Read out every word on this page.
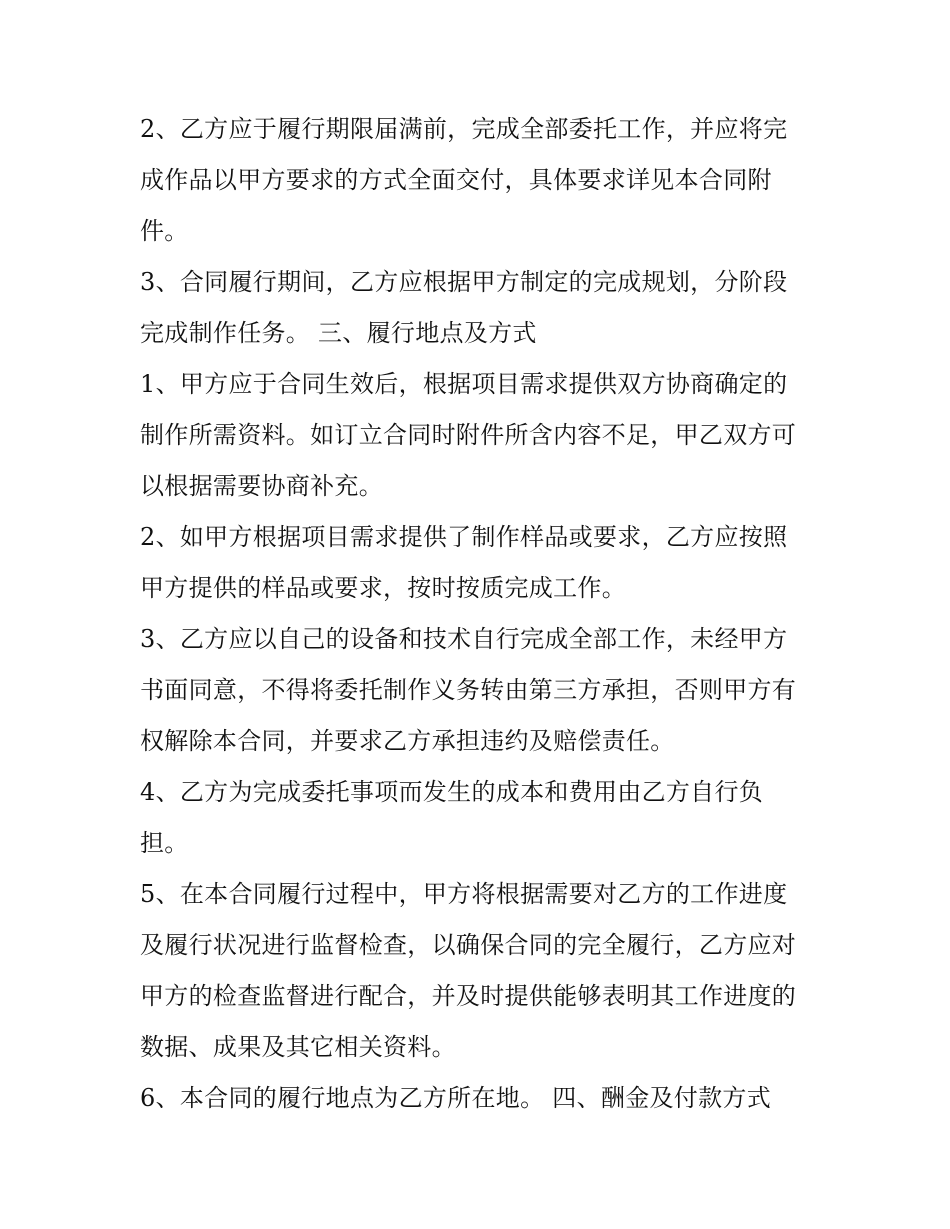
2、乙方应于履行期限届满前，完成全部委托工作，并应将完
成作品以甲方要求的方式全面交付，具体要求详见本合同附
件。
3、合同履行期间，乙方应根据甲方制定的完成规划，分阶段
完成制作任务。 三、履行地点及方式
1、甲方应于合同生效后，根据项目需求提供双方协商确定的
制作所需资料。如订立合同时附件所含内容不足，甲乙双方可
以根据需要协商补充。
2、如甲方根据项目需求提供了制作样品或要求，乙方应按照
甲方提供的样品或要求，按时按质完成工作。
3、乙方应以自己的设备和技术自行完成全部工作，未经甲方
书面同意，不得将委托制作义务转由第三方承担，否则甲方有
权解除本合同，并要求乙方承担违约及赔偿责任。
4、乙方为完成委托事项而发生的成本和费用由乙方自行负
担。
5、在本合同履行过程中，甲方将根据需要对乙方的工作进度
及履行状况进行监督检查，以确保合同的完全履行，乙方应对
甲方的检查监督进行配合，并及时提供能够表明其工作进度的
数据、成果及其它相关资料。
6、本合同的履行地点为乙方所在地。 四、酬金及付款方式
